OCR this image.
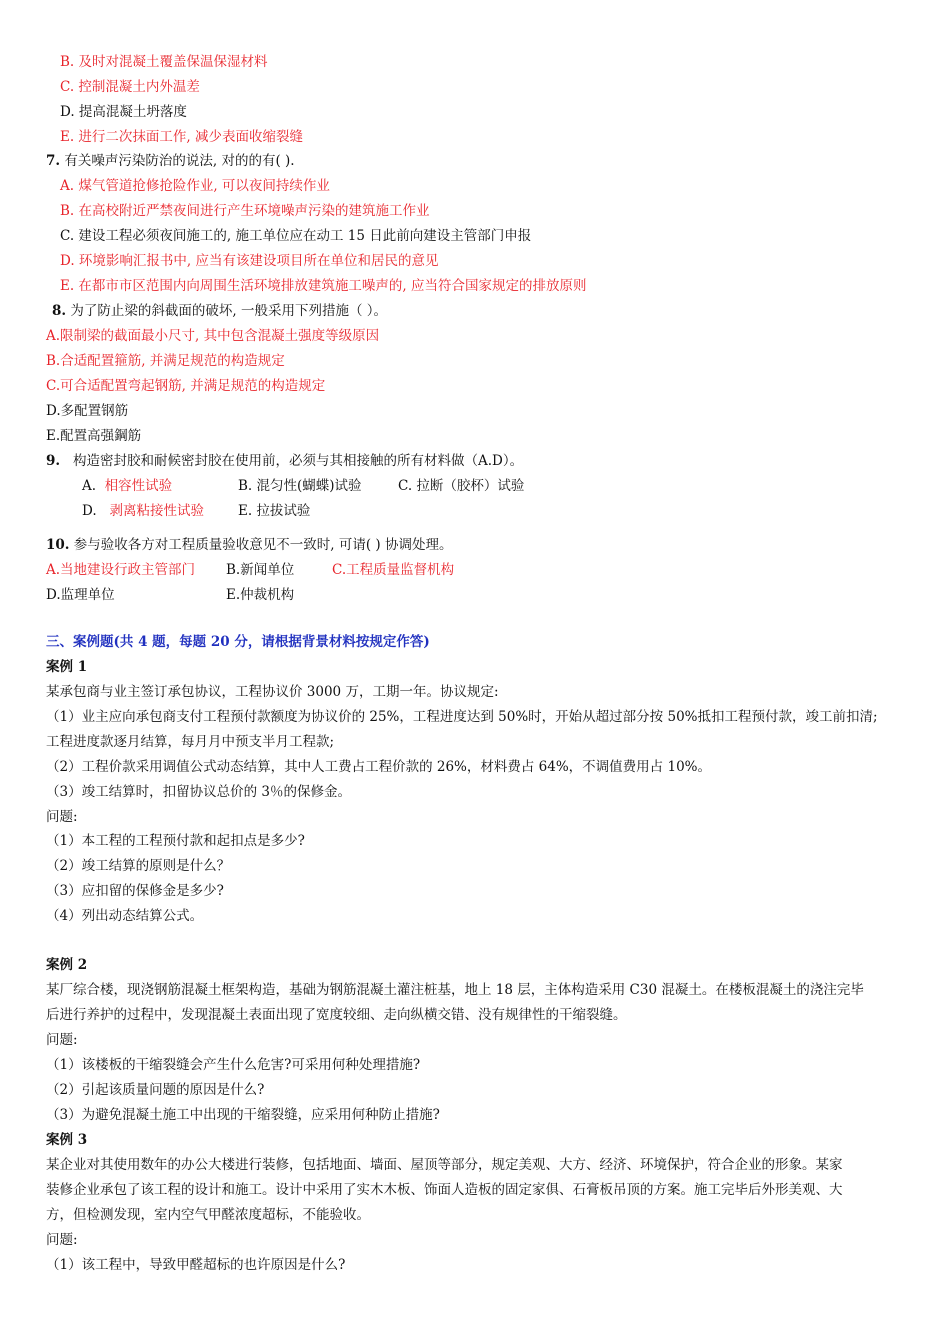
B. 及时对混凝土覆盖保温保湿材料
C. 控制混凝土内外温差
D. 提高混凝土坍落度
E. 进行二次抹面工作, 减少表面收缩裂缝
7. 有关噪声污染防治的说法, 对的的有( ).
A. 煤气管道抢修抢险作业, 可以夜间持续作业
B. 在高校附近严禁夜间进行产生环境噪声污染的建筑施工作业
C. 建设工程必须夜间施工的, 施工单位应在动工 15 日此前向建设主管部门申报
D. 环境影响汇报书中, 应当有该建设项目所在单位和居民的意见
E. 在都市市区范围内向周围生活环境排放建筑施工噪声的, 应当符合国家规定的排放原则
8. 为了防止梁的斜截面的破坏, 一般采用下列措施（ ）。
A.限制梁的截面最小尺寸, 其中包含混凝土强度等级原因
B.合适配置箍筋, 并满足规范的构造规定
C.可合适配置弯起钢筋, 并满足规范的构造规定
D.多配置钢筋
E.配置高强鋼筋
9. 构造密封胶和耐候密封胶在使用前，必须与其相接触的所有材料做（A.D）。
A. 相容性试验	B. 混匀性(蝴蝶)试验	C. 拉断（胶杯）试验
D. 剥离粘接性试验	E. 拉拔试验
10. 参与验收各方对工程质量验收意见不一致时, 可请( ) 协调处理。
A.当地建设行政主管部门 B.新闻单位	C.工程质量监督机构
D.监理单位	E.仲裁机构
三、案例题(共 4 题，每题 20 分，请根据背景材料按规定作答)
案例 1
某承包商与业主签订承包协议，工程协议价 3000 万，工期一年。协议规定:
（1）业主应向承包商支付工程预付款额度为协议价的 25%，工程进度达到 50%时，开始从超过部分按 50%抵扣工程预付款，竣工前扣清;
工程进度款逐月结算，每月月中预支半月工程款;
（2）工程价款采用调值公式动态结算，其中人工费占工程价款的 26%，材料费占 64%，不调值费用占 10%。
（3）竣工结算时，扣留协议总价的 3％的保修金。
问题:
（1）本工程的工程预付款和起扣点是多少?
（2）竣工结算的原则是什么？
（3）应扣留的保修金是多少?
（4）列出动态结算公式。
案例 2
某厂综合楼，现浇钢筋混凝土框架构造，基础为钢筋混凝土灌注桩基，地上 18 层，主体构造采用 C30 混凝土。在楼板混凝土的浇注完毕
后进行养护的过程中，发现混凝土表面出现了宽度较细、走向纵横交错、没有规律性的干缩裂缝。
问题:
（1）该楼板的干缩裂缝会产生什么危害?可采用何种处理措施?
（2）引起该质量问题的原因是什么?
（3）为避免混凝土施工中出现的干缩裂缝，应采用何种防止措施?
案例 3
某企业对其使用数年的办公大楼进行装修，包括地面、墙面、屋顶等部分，规定美观、大方、经济、环境保护，符合企业的形象。某家
装修企业承包了该工程的设计和施工。设计中采用了实木木板、饰面人造板的固定家俱、石膏板吊顶的方案。施工完毕后外形美观、大
方，但检测发现，室内空气甲醛浓度超标，不能验收。
问题:
（1）该工程中，导致甲醛超标的也许原因是什么?
